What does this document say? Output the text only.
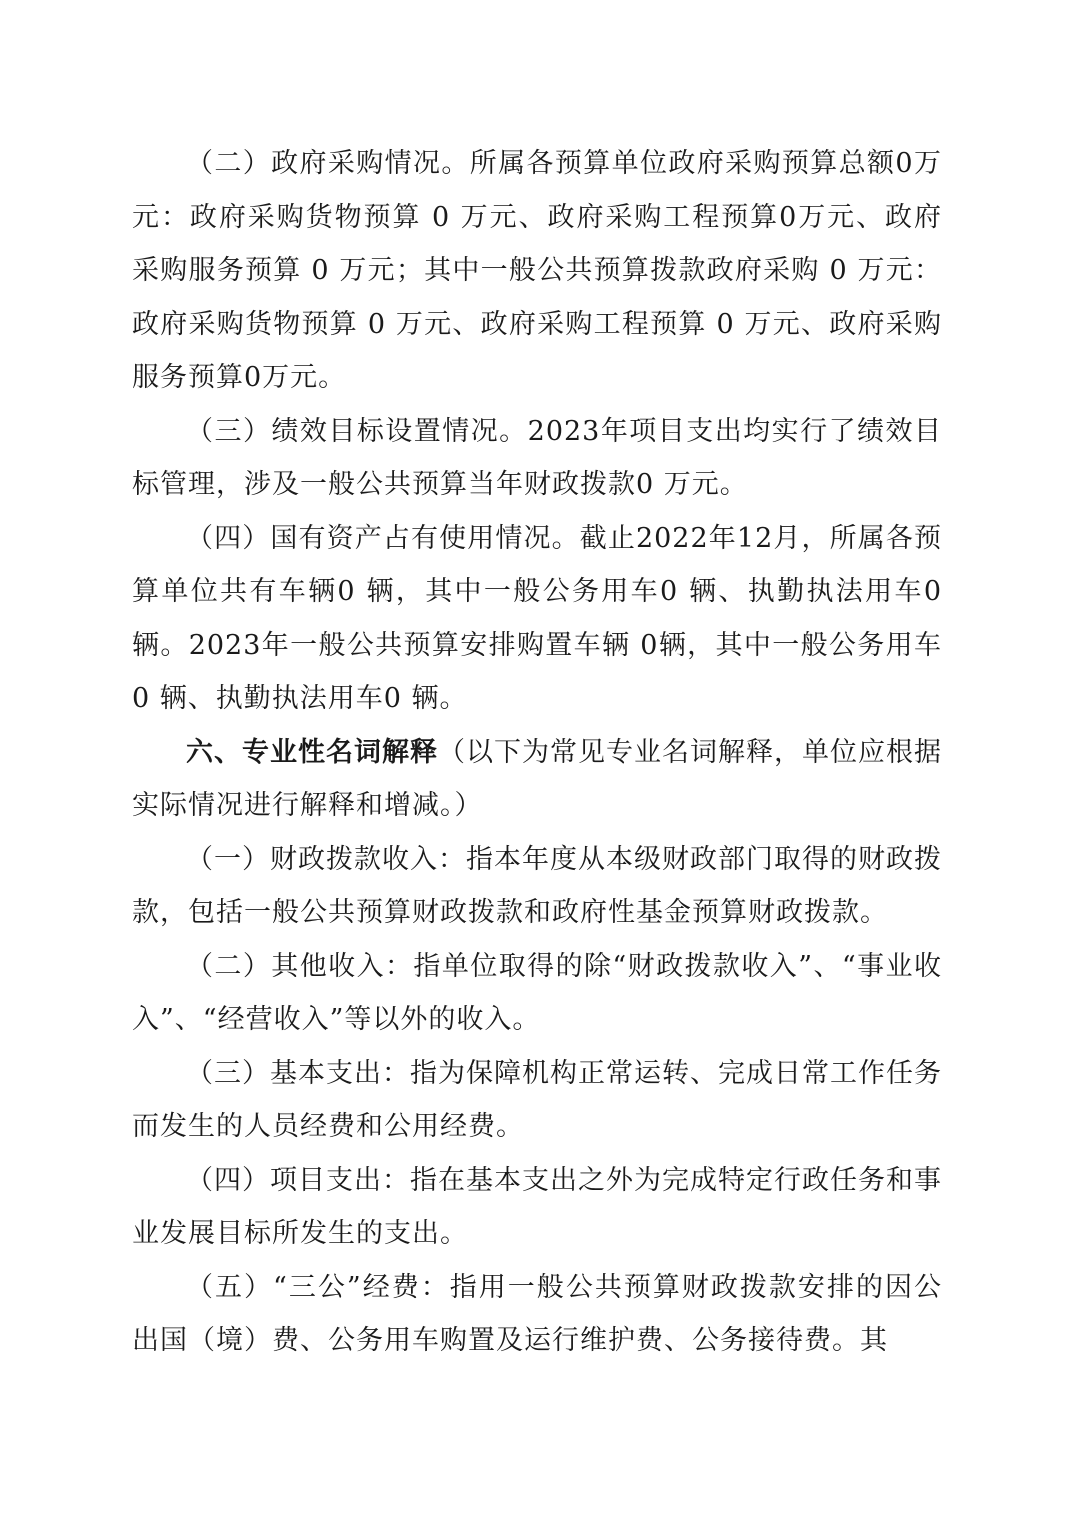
（二）政府采购情况。所属各预算单位政府采购预算总额0万元：政府采购货物预算 0 万元、政府采购工程预算0万元、政府采购服务预算 0 万元；其中一般公共预算拨款政府采购 0 万元：政府采购货物预算 0 万元、政府采购工程预算 0 万元、政府采购服务预算0万元。

（三）绩效目标设置情况。2023年项目支出均实行了绩效目标管理，涉及一般公共预算当年财政拨款0 万元。

（四）国有资产占有使用情况。截止2022年12月，所属各预算单位共有车辆0 辆，其中一般公务用车0 辆、执勤执法用车0 辆。2023年一般公共预算安排购置车辆 0辆，其中一般公务用车0 辆、执勤执法用车0 辆。

六、专业性名词解释（以下为常见专业名词解释，单位应根据实际情况进行解释和增减。）

（一）财政拨款收入：指本年度从本级财政部门取得的财政拨款，包括一般公共预算财政拨款和政府性基金预算财政拨款。

（二）其他收入：指单位取得的除“财政拨款收入”、“事业收入”、“经营收入”等以外的收入。

（三）基本支出：指为保障机构正常运转、完成日常工作任务而发生的人员经费和公用经费。

（四）项目支出：指在基本支出之外为完成特定行政任务和事业发展目标所发生的支出。

（五）“三公”经费：指用一般公共预算财政拨款安排的因公出国（境）费、公务用车购置及运行维护费、公务接待费。其
